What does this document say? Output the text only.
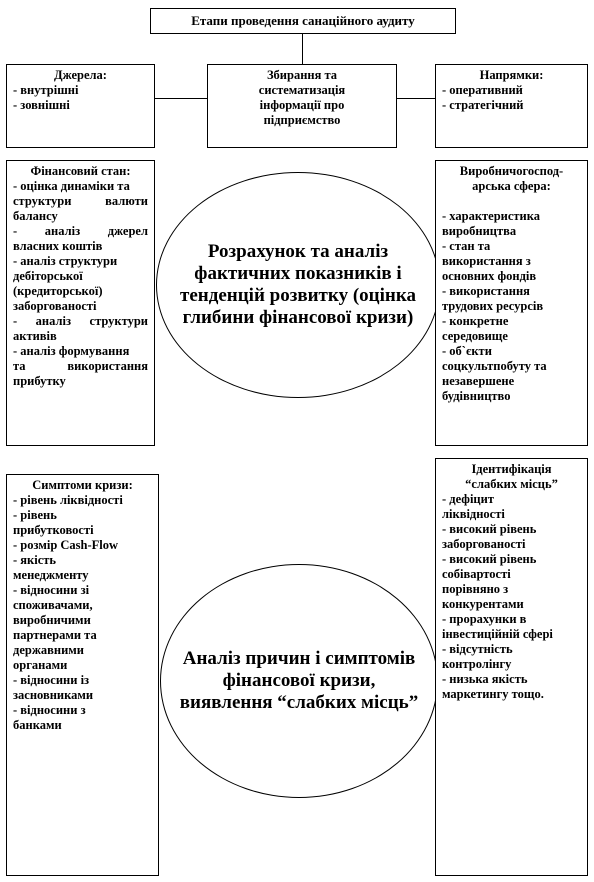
Етапи проведення санаційного аудиту
Джерела:
- внутрішні
- зовнішні
Збирання та
систематизація
інформації про
підприємство
Напрямки:
- оперативний
- стратегічний
Фінансовий стан:
- оцінка динаміки та
структури валюти
балансу
- аналіз джерел
власних коштів
- аналіз структури
дебіторської
(кредиторської)
заборгованості
- аналіз структури
активів
- аналіз формування
та використання
прибутку
Розрахунок та аналіз фактичних показників і тенденцій розвитку (оцінка глибини фінансової кризи)
Виробничогоспод-
арська сфера:
- характеристика
виробництва
- стан та
використання з
основних фондів
- використання
трудових ресурсів
- конкретне
середовище
- об`єкти
соцкультпобуту та
незавершене
будівництво
Симптоми кризи:
- рівень ліквідності
- рівень
прибутковості
- розмір Cash-Flow
- якість
менеджменту
- відносини зі
споживачами,
виробничими
партнерами та
державними
органами
- відносини із
засновниками
- відносини з
банками
Аналіз причин і симптомів фінансової кризи, виявлення “слабких місць”
Ідентифікація
“слабких місць”
- дефіцит
ліквідності
- високий рівень
заборгованості
- високий рівень
собівартості
порівняно з
конкурентами
- прорахунки в
інвестиційній сфері
- відсутність
контролінгу
- низька якість
маркетингу тощо.
